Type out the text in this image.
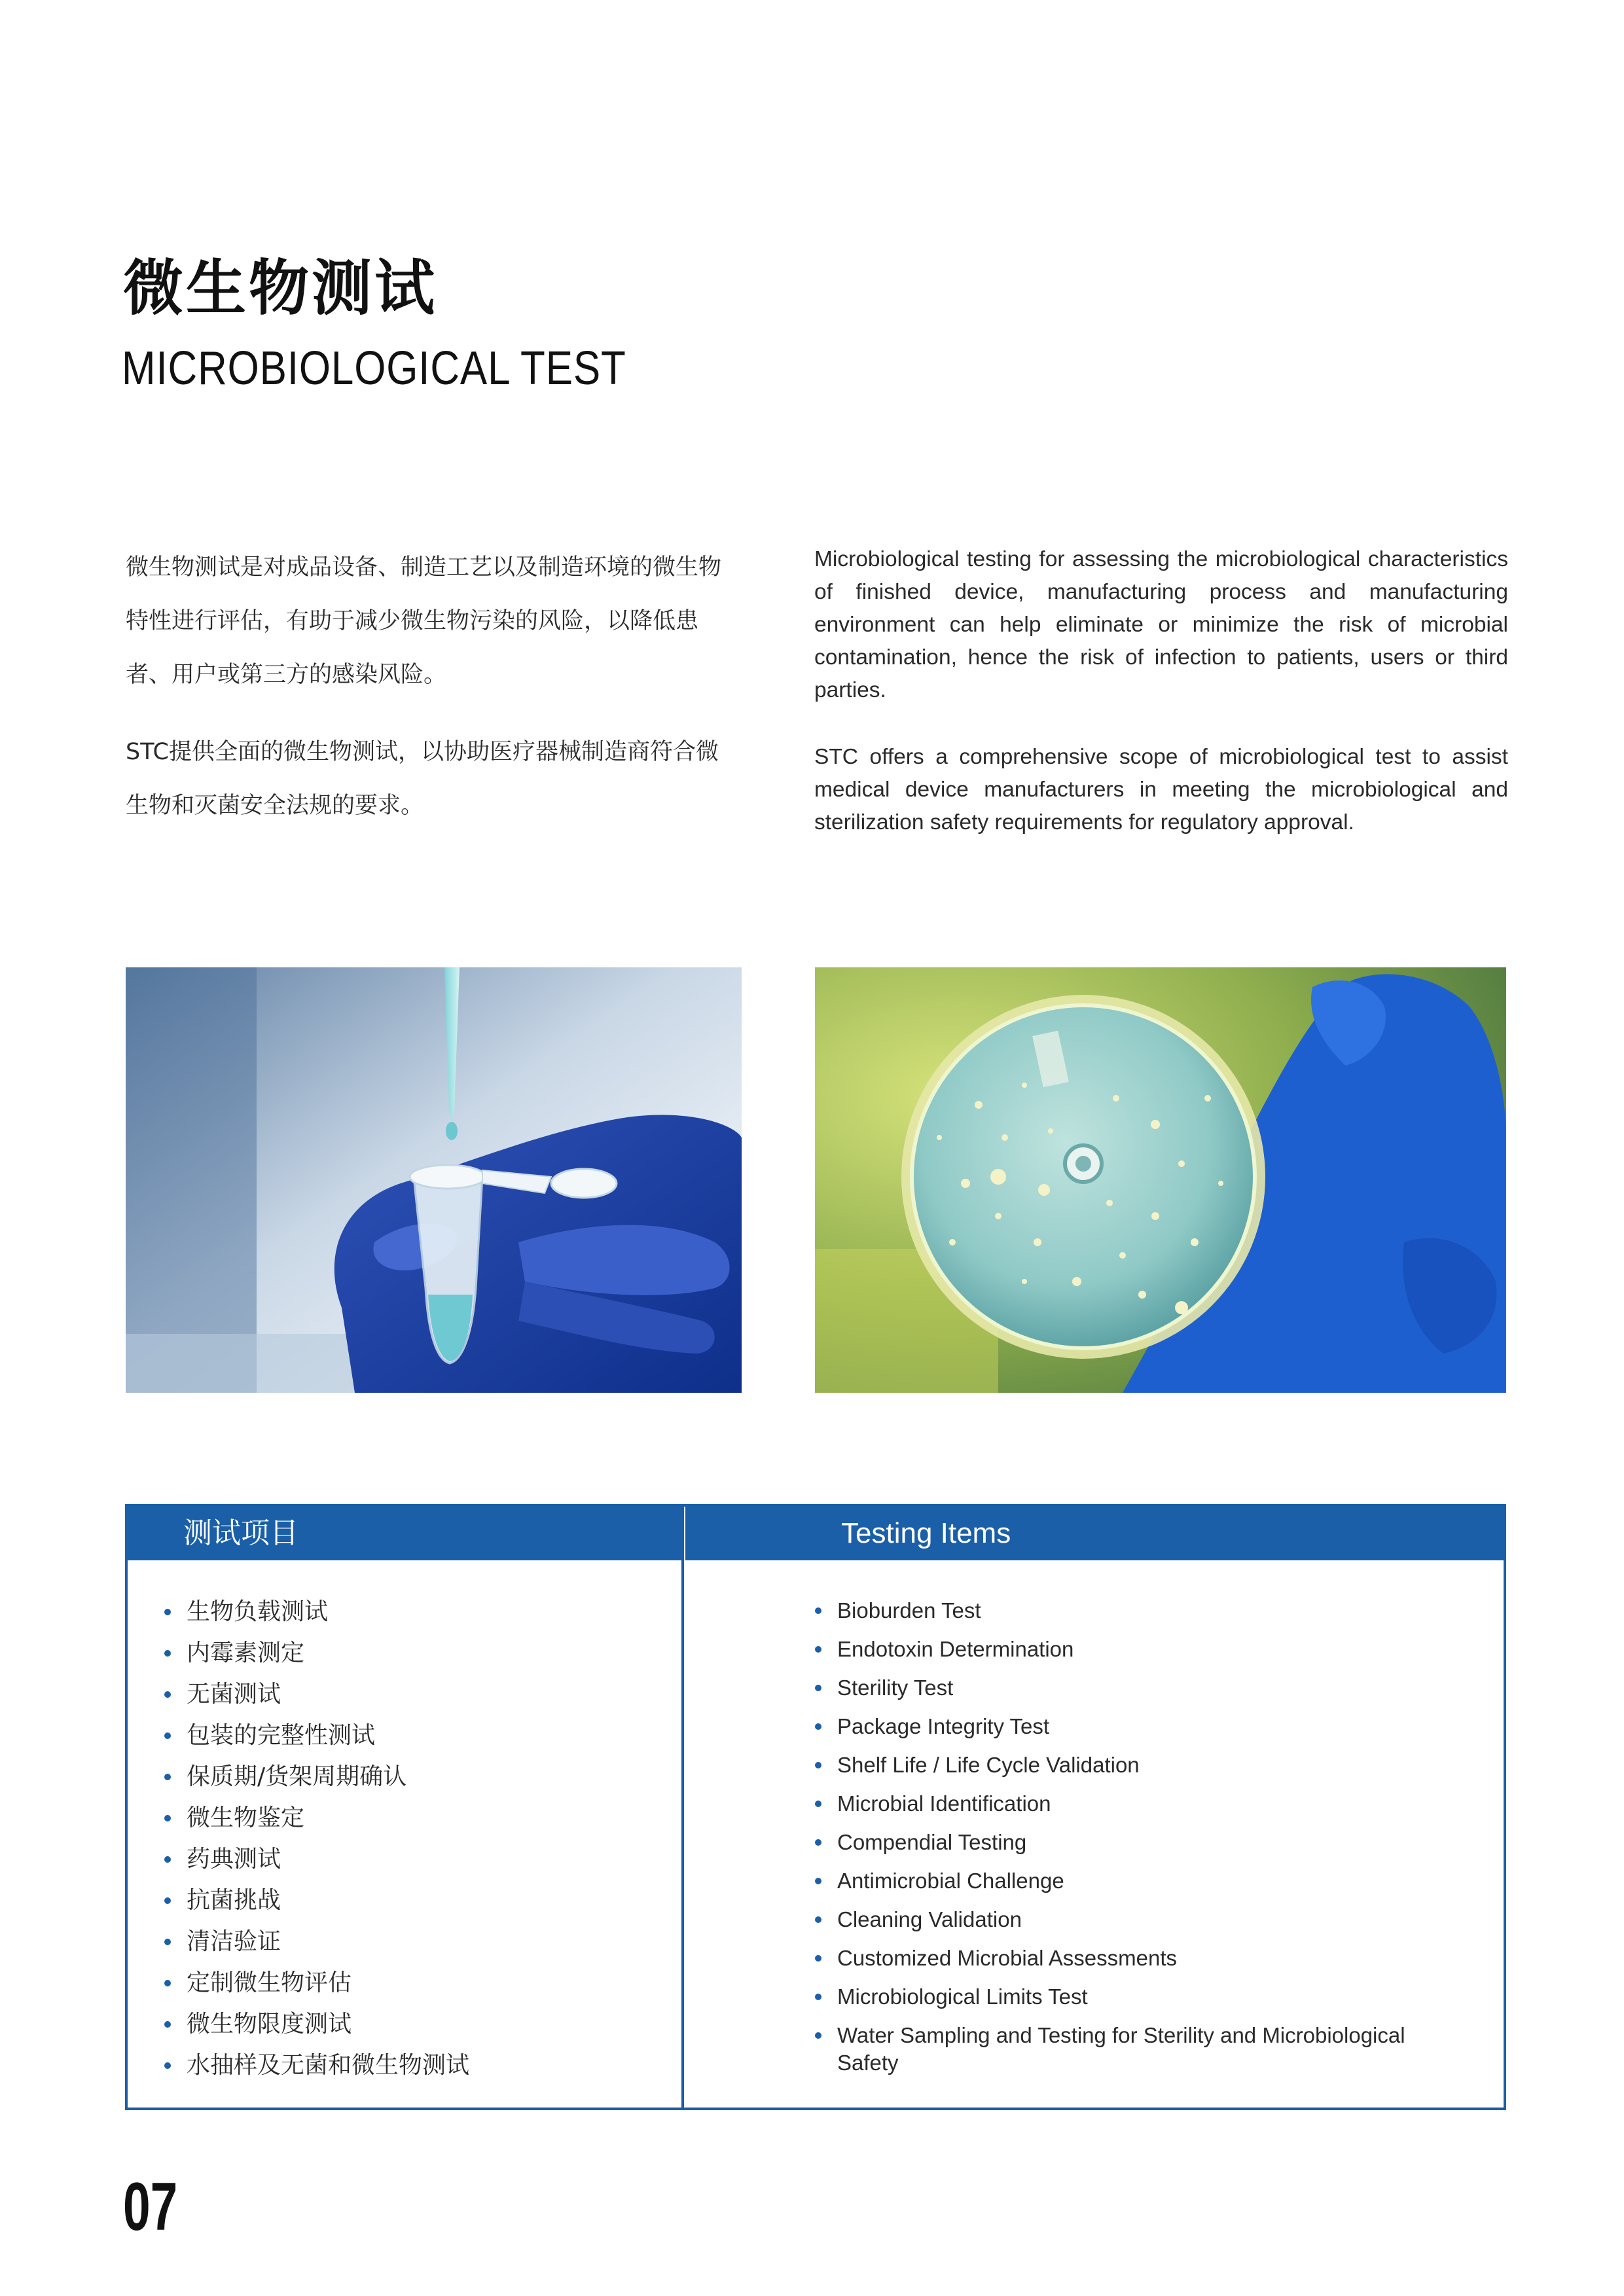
微生物测试
MICROBIOLOGICAL TEST

微生物测试是对成品设备、制造工艺以及制造环境的微生物特性进行评估，有助于减少微生物污染的风险，以降低患者、用户或第三方的感染风险。

STC提供全面的微生物测试，以协助医疗器械制造商符合微生物和灭菌安全法规的要求。

Microbiological testing for assessing the microbiological characteristics of finished device, manufacturing process and manufacturing environment can help eliminate or minimize the risk of microbial contamination, hence the risk of infection to patients, users or third parties.

STC offers a comprehensive scope of microbiological test to assist medical device manufacturers in meeting the microbiological and sterilization safety requirements for regulatory approval.

测试项目	Testing Items
生物负载测试
内霉素测定
无菌测试
包装的完整性测试
保质期/货架周期确认
微生物鉴定
药典测试
抗菌挑战
清洁验证
定制微生物评估
微生物限度测试
水抽样及无菌和微生物测试
Bioburden Test
Endotoxin Determination
Sterility Test
Package Integrity Test
Shelf Life / Life Cycle Validation
Microbial Identification
Compendial Testing
Antimicrobial Challenge
Cleaning Validation
Customized Microbial Assessments
Microbiological Limits Test
Water Sampling and Testing for Sterility and Microbiological Safety
07
